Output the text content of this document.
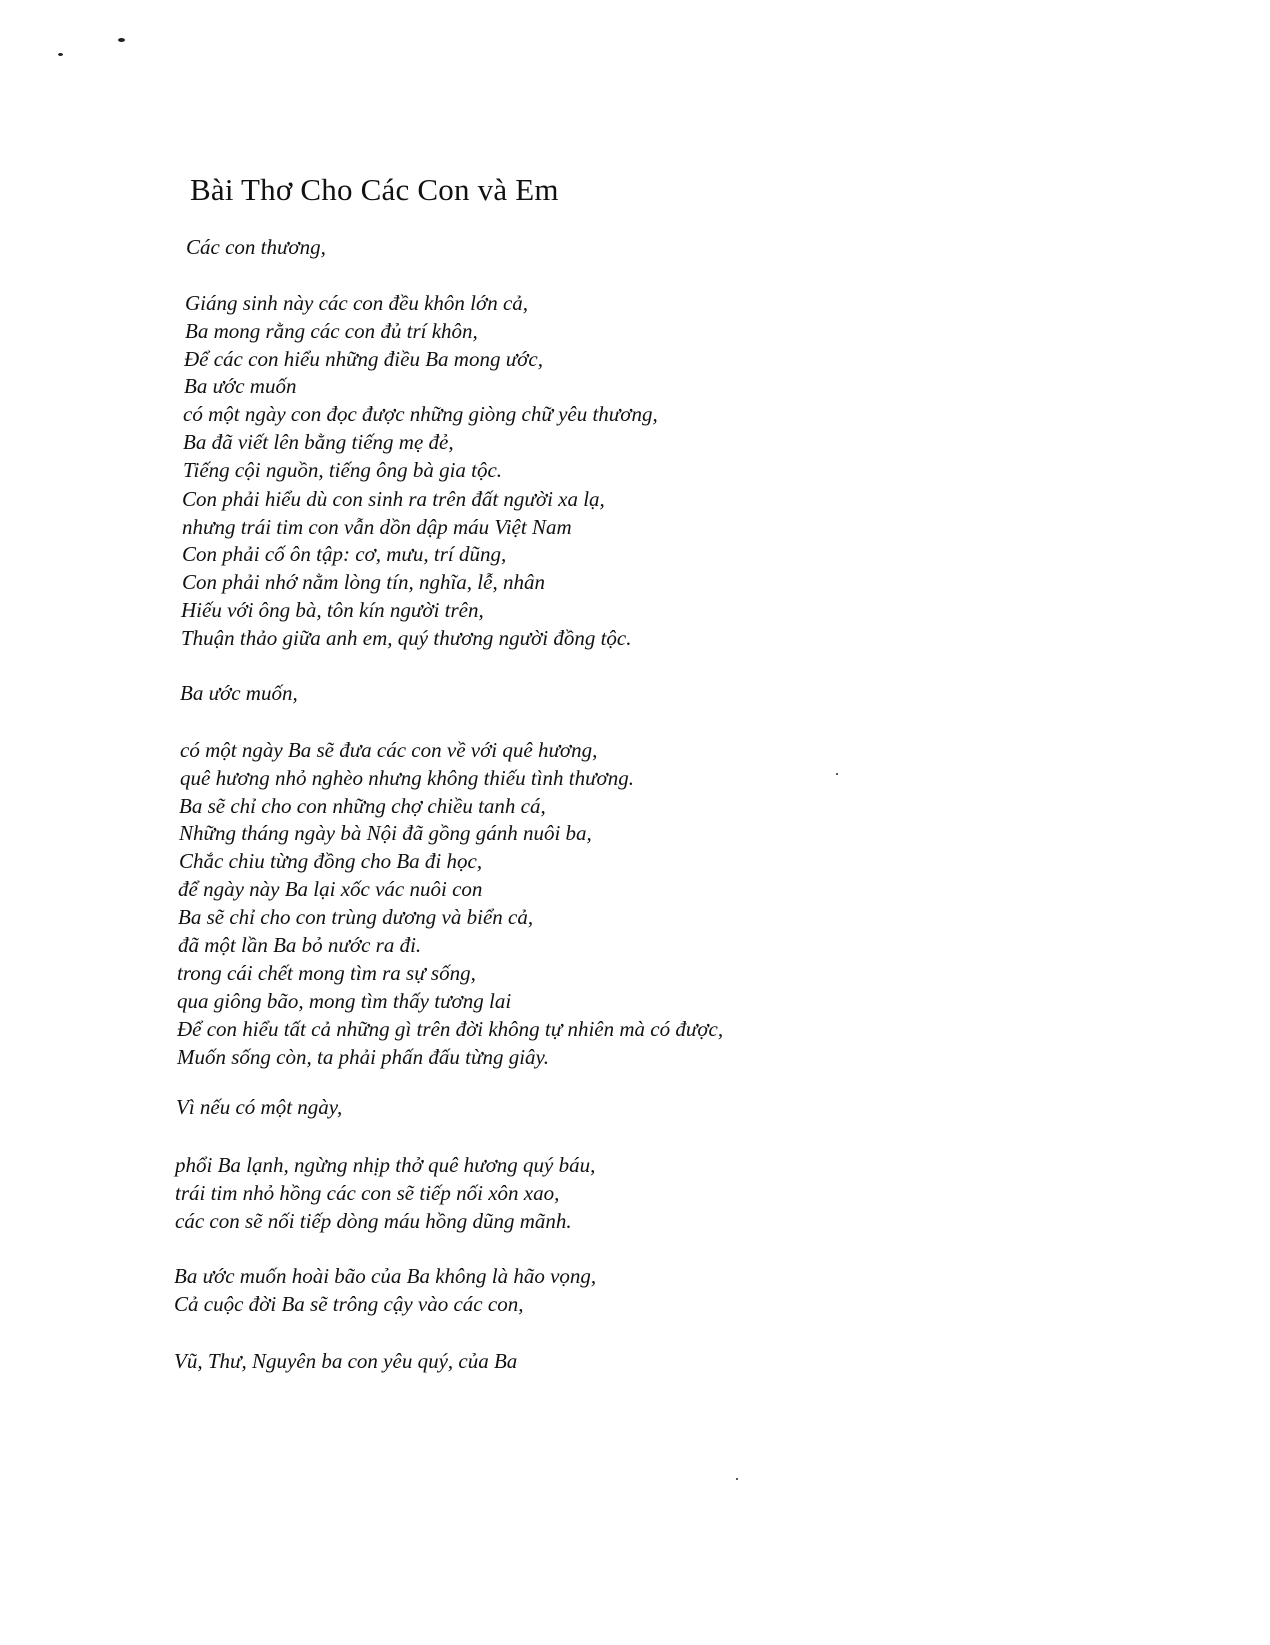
Bài Thơ Cho Các Con và Em
Các con thương,
Giáng sinh này các con đều khôn lớn cả,
Ba mong rằng các con đủ trí khôn,
Để các con hiểu những điều Ba mong ước,
Ba ước muốn
có một ngày con đọc được những giòng chữ yêu thương,
Ba đã viết lên bằng tiếng mẹ đẻ,
Tiếng cội nguồn, tiếng ông bà gia tộc.
Con phải hiểu dù con sinh ra trên đất người xa lạ,
nhưng trái tim con vẫn dồn dập máu Việt Nam
Con phải cố ôn tập: cơ, mưu, trí dũng,
Con phải nhớ nằm lòng tín, nghĩa, lễ, nhân
Hiếu với ông bà, tôn kín người trên,
Thuận thảo giữa anh em, quý thương người đồng tộc.
Ba ước muốn,
có một ngày Ba sẽ đưa các con về với quê hương,
quê hương nhỏ nghèo nhưng không thiếu tình thương.
Ba sẽ chỉ cho con những chợ chiều tanh cá,
Những tháng ngày bà Nội đã gồng gánh nuôi ba,
Chắc chiu từng đồng cho Ba đi học,
để ngày này Ba lại xốc vác nuôi con
Ba sẽ chỉ cho con trùng dương và biển cả,
đã một lần Ba bỏ nước ra đi.
trong cái chết mong tìm ra sự sống,
qua giông bão, mong tìm thấy tương lai
Để con hiểu tất cả những gì trên đời không tự nhiên mà có được,
Muốn sống còn, ta phải phấn đấu từng giây.
Vì nếu có một ngày,
phổi Ba lạnh, ngừng nhịp thở quê hương quý báu,
trái tim nhỏ hồng các con sẽ tiếp nối xôn xao,
các con sẽ nối tiếp dòng máu hồng dũng mãnh.
Ba ước muốn hoài bão của Ba không là hão vọng,
Cả cuộc đời Ba sẽ trông cậy vào các con,
Vũ, Thư, Nguyên ba con yêu quý, của Ba
